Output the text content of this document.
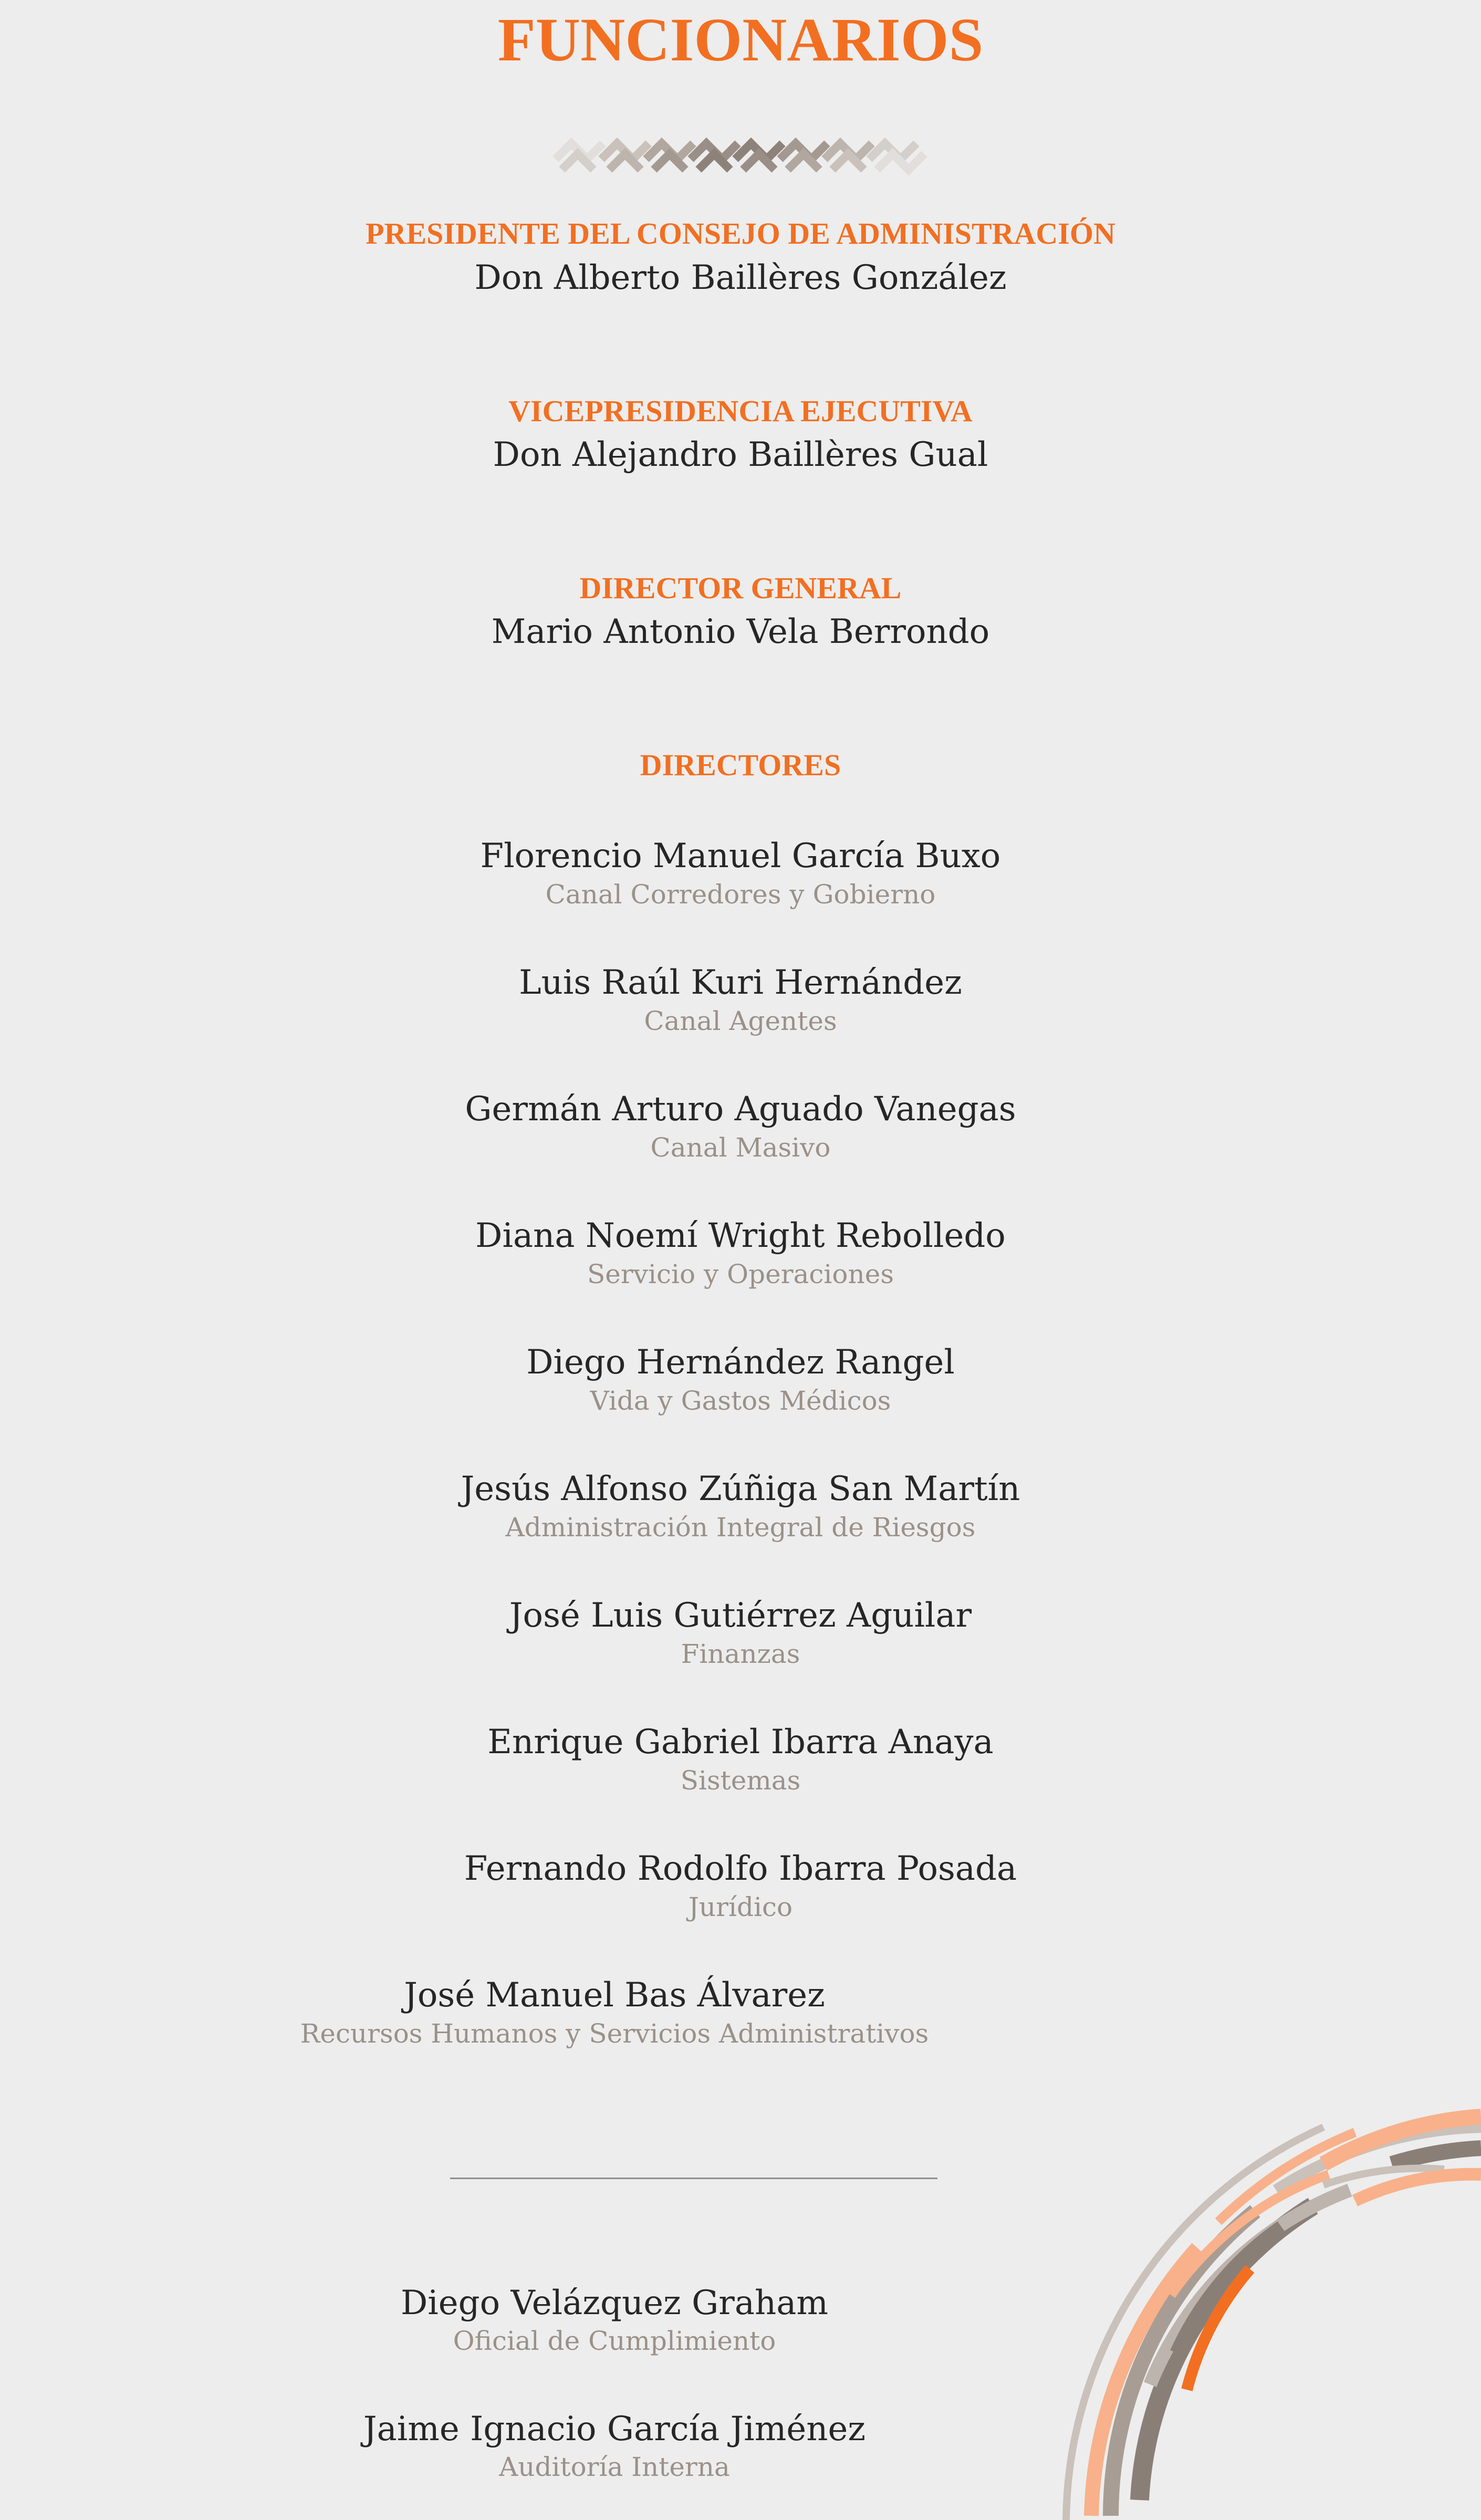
FUNCIONARIOS
PRESIDENTE DEL CONSEJO DE ADMINISTRACIÓN
Don Alberto Baillères González
VICEPRESIDENCIA EJECUTIVA
Don Alejandro Baillères Gual
DIRECTOR GENERAL
Mario Antonio Vela Berrondo
DIRECTORES
Florencio Manuel García Buxo
Canal Corredores y Gobierno
Luis Raúl Kuri Hernández
Canal Agentes
Germán Arturo Aguado Vanegas
Canal Masivo
Diana Noemí Wright Rebolledo
Servicio y Operaciones
Diego Hernández Rangel
Vida y Gastos Médicos
Jesús Alfonso Zúñiga San Martín
Administración Integral de Riesgos
José Luis Gutiérrez Aguilar
Finanzas
Enrique Gabriel Ibarra Anaya
Sistemas
Fernando Rodolfo Ibarra Posada
Jurídico
José Manuel Bas Álvarez
Recursos Humanos y Servicios Administrativos
Diego Velázquez Graham
Oficial de Cumplimiento
Jaime Ignacio García Jiménez
Auditoría Interna
